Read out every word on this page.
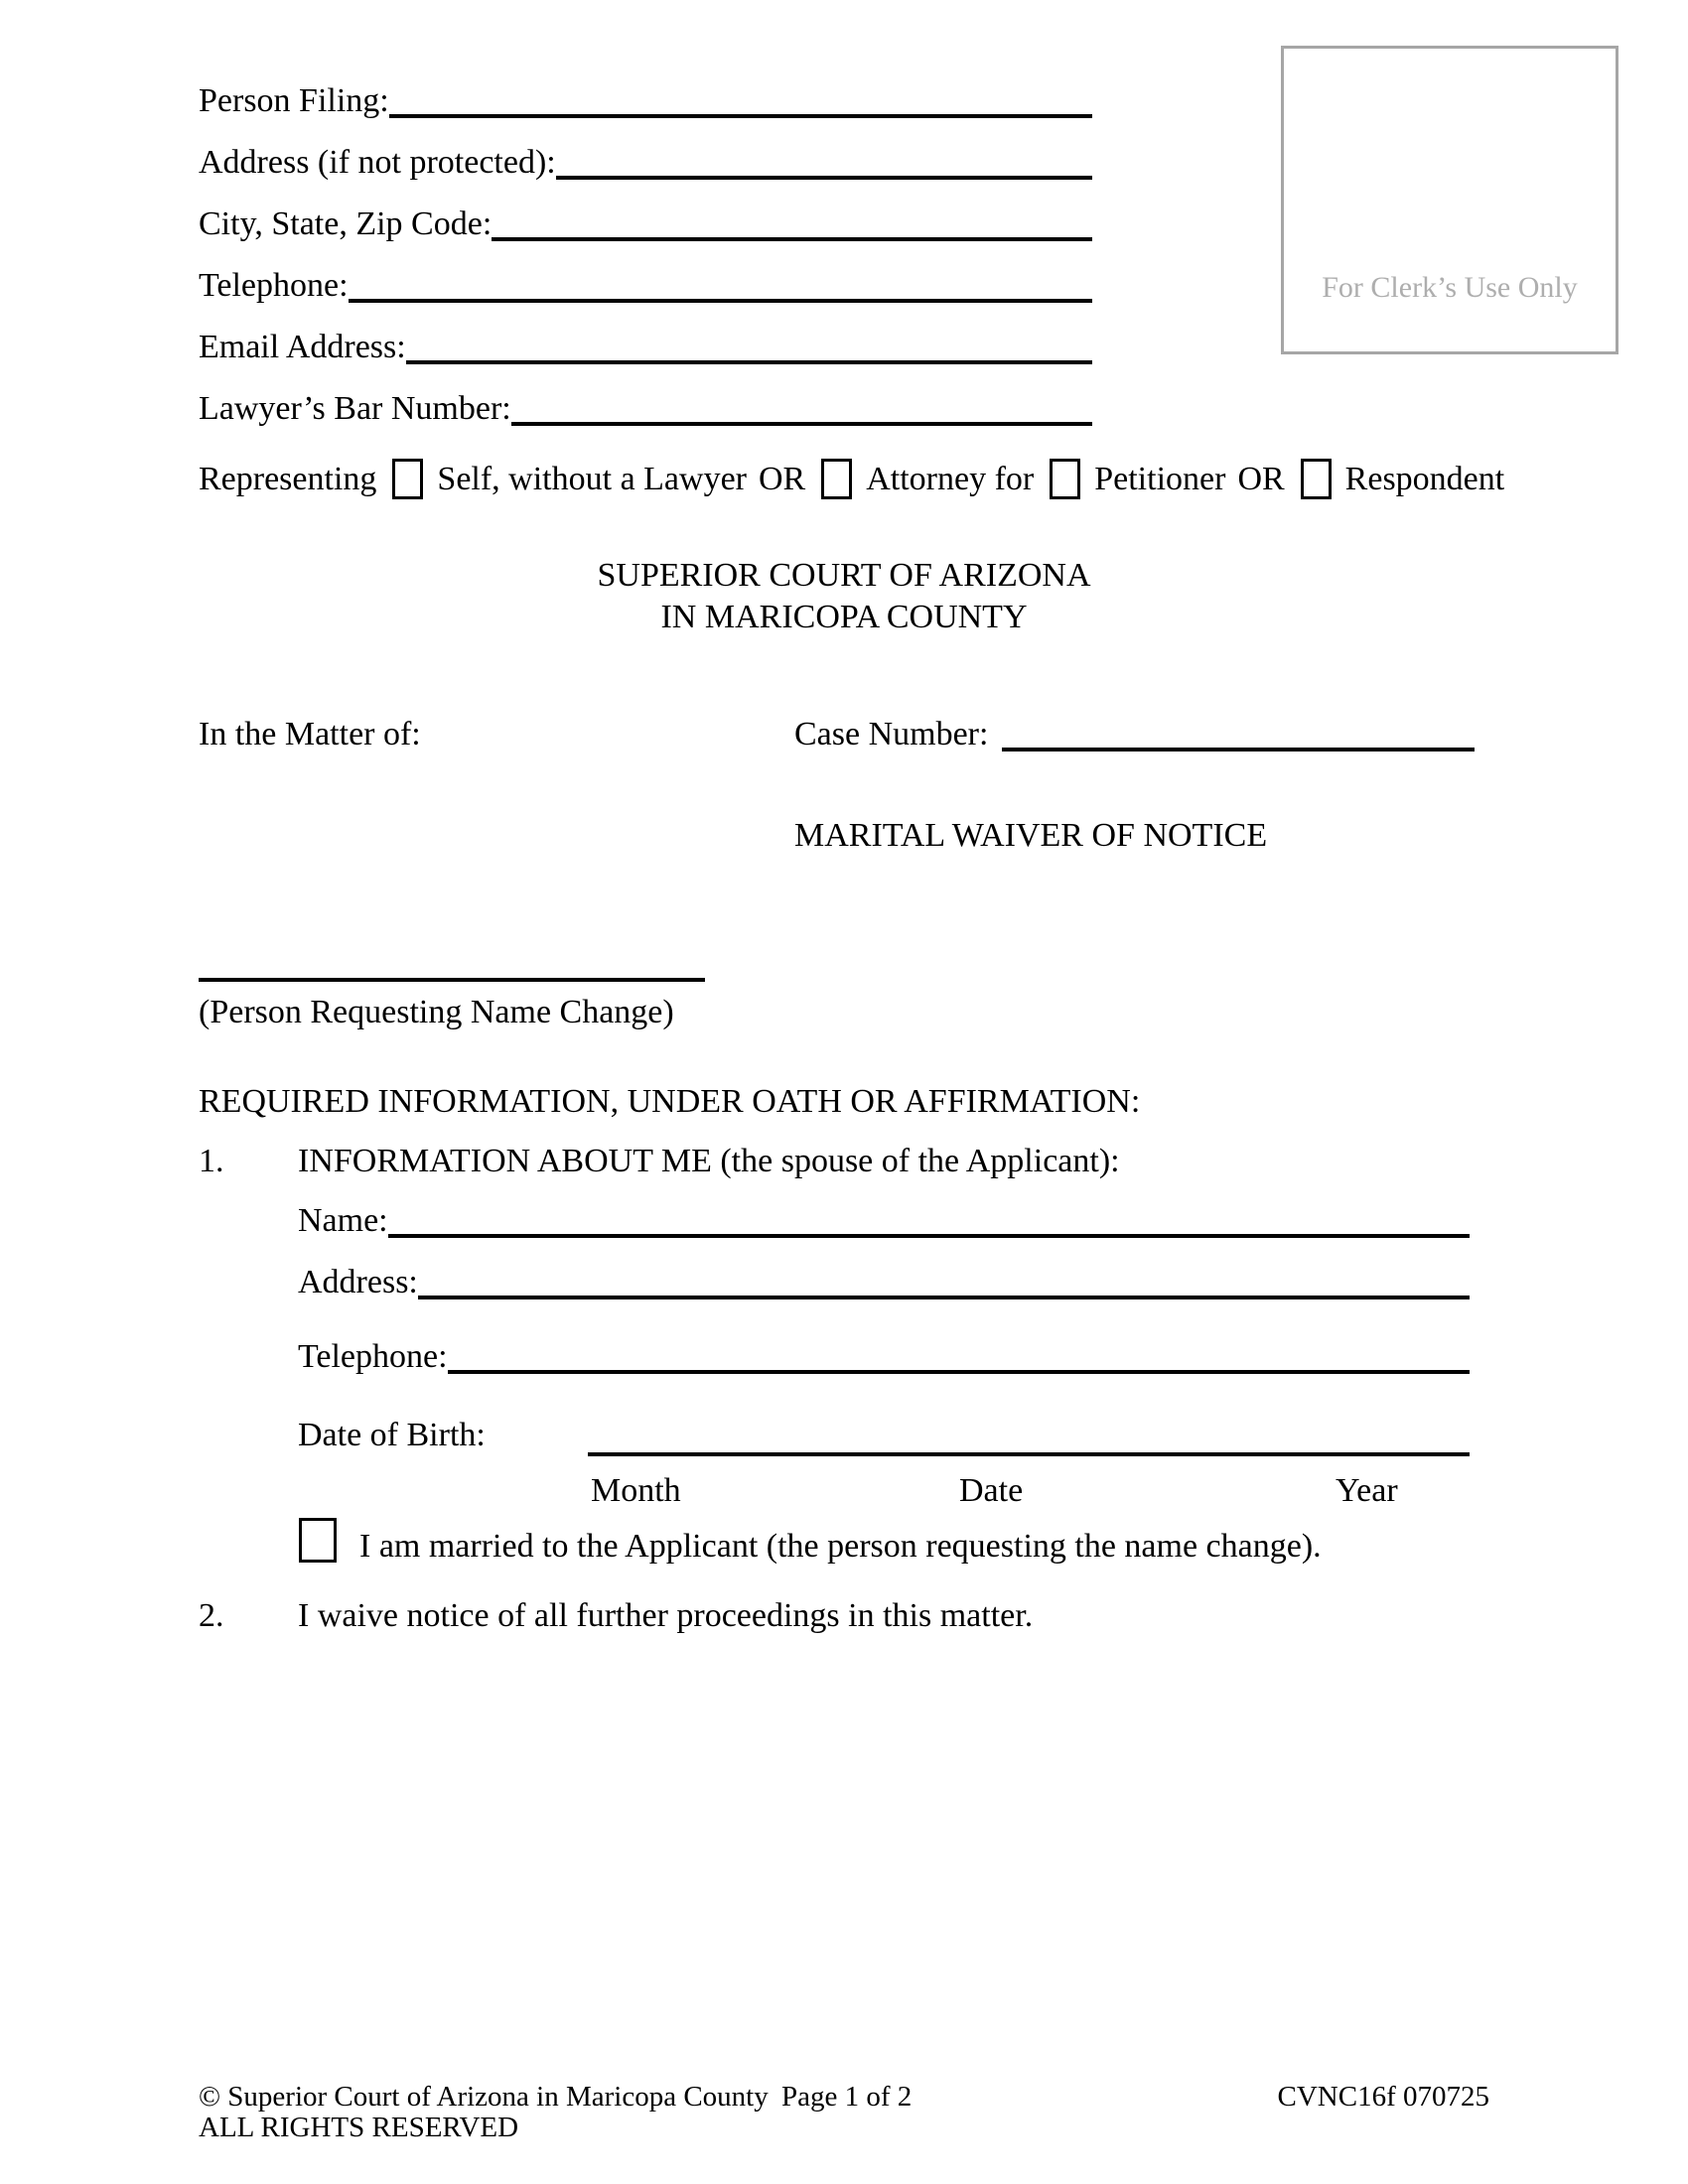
Person Filing:
Address (if not protected):
City, State, Zip Code:
Telephone:
Email Address:
Lawyer’s Bar Number:
For Clerk’s Use Only
Representing Self, without a Lawyer OR Attorney for Petitioner OR Respondent
SUPERIOR COURT OF ARIZONA
IN MARICOPA COUNTY
In the Matter of:	Case Number:
MARITAL WAIVER OF NOTICE
(Person Requesting Name Change)
REQUIRED INFORMATION, UNDER OATH OR AFFIRMATION:
1. INFORMATION ABOUT ME (the spouse of the Applicant):
Name:
Address:
Telephone:
Date of Birth:
Month	Date	Year
I am married to the Applicant (the person requesting the name change).
2. I waive notice of all further proceedings in this matter.
© Superior Court of Arizona in Maricopa County
ALL RIGHTS RESERVED
Page 1 of 2	CVNC16f 070725
